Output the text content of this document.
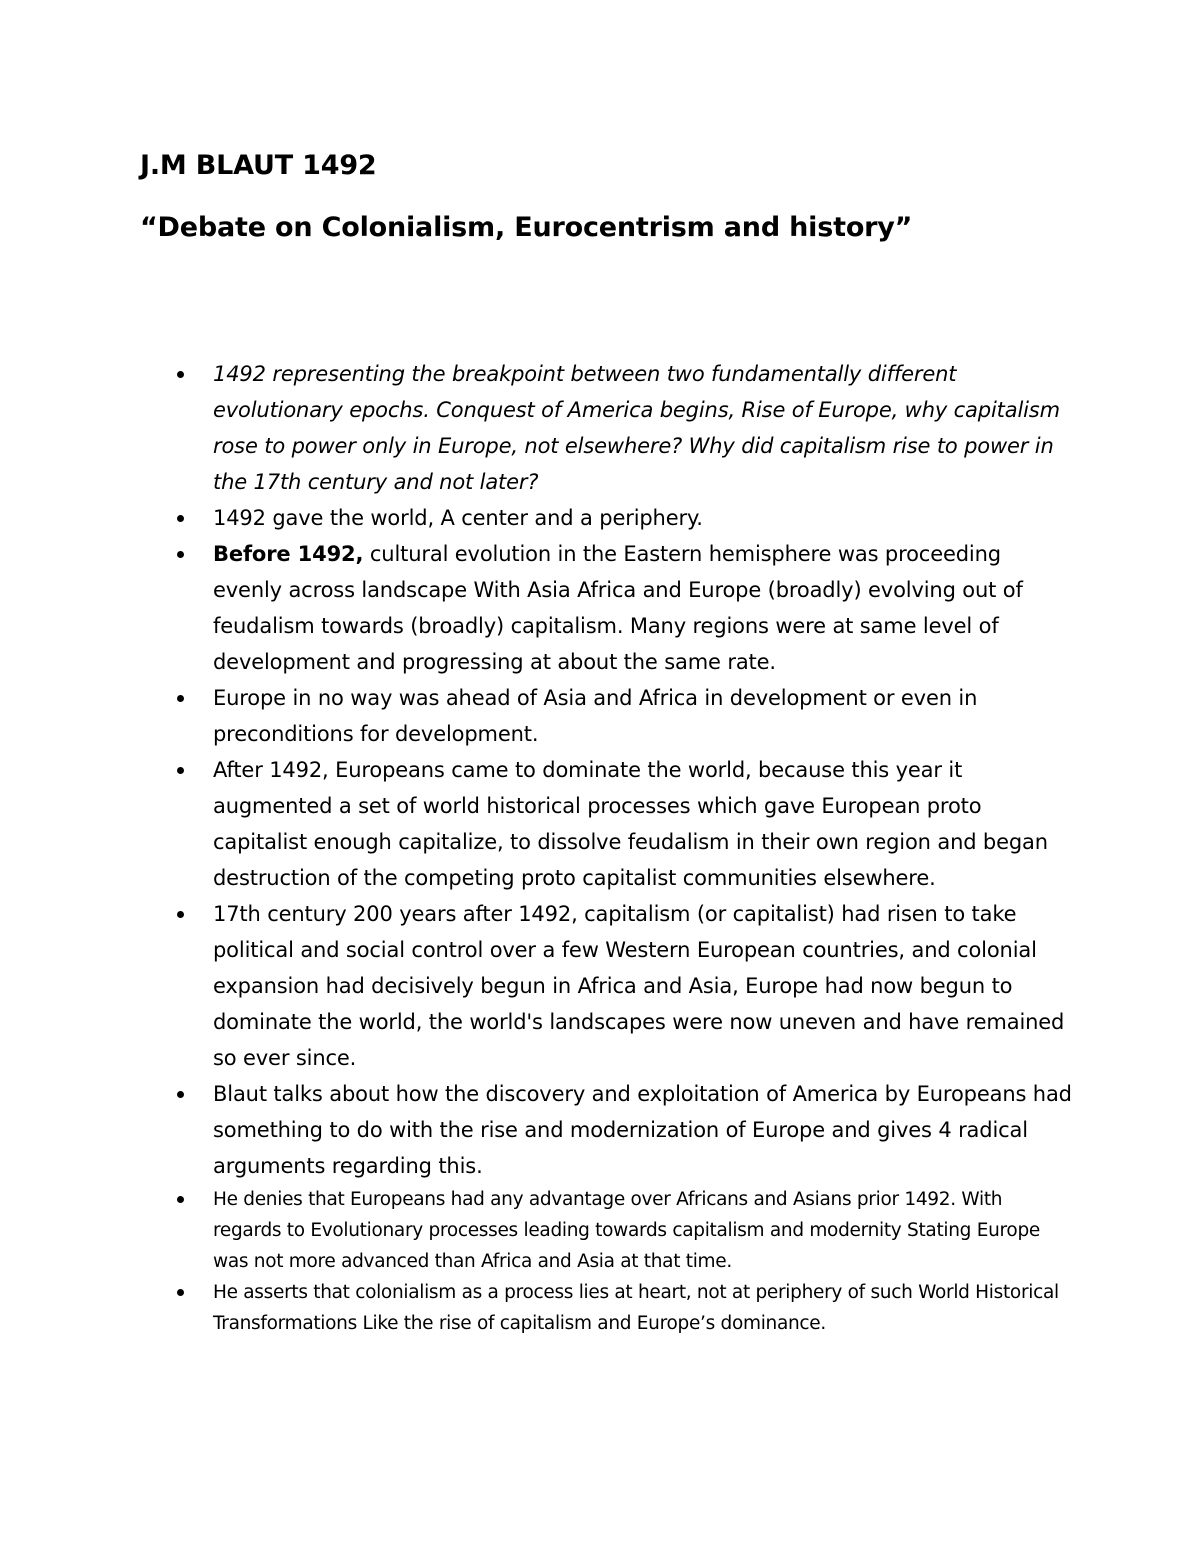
J.M BLAUT 1492
“Debate on Colonialism, Eurocentrism and history”
1492 representing the breakpoint between two fundamentally different evolutionary epochs. Conquest of America begins, Rise of Europe, why capitalism rose to power only in Europe, not elsewhere? Why did capitalism rise to power in the 17th century and not later?
1492 gave the world, A center and a periphery.
Before 1492, cultural evolution in the Eastern hemisphere was proceeding evenly across landscape With Asia Africa and Europe (broadly) evolving out of feudalism towards (broadly) capitalism. Many regions were at same level of development and progressing at about the same rate.
Europe in no way was ahead of Asia and Africa in development or even in preconditions for development.
After 1492, Europeans came to dominate the world, because this year it augmented a set of world historical processes which gave European proto capitalist enough capitalize, to dissolve feudalism in their own region and began destruction of the competing proto capitalist communities elsewhere.
17th century 200 years after 1492, capitalism (or capitalist) had risen to take political and social control over a few Western European countries, and colonial expansion had decisively begun in Africa and Asia, Europe had now begun to dominate the world, the world's landscapes were now uneven and have remained so ever since.
Blaut talks about how the discovery and exploitation of America by Europeans had something to do with the rise and modernization of Europe and gives 4 radical arguments regarding this.
He denies that Europeans had any advantage over Africans and Asians prior 1492. With regards to Evolutionary processes leading towards capitalism and modernity Stating Europe was not more advanced than Africa and Asia at that time.
He asserts that colonialism as a process lies at heart, not at periphery of such World Historical Transformations Like the rise of capitalism and Europe’s dominance.
